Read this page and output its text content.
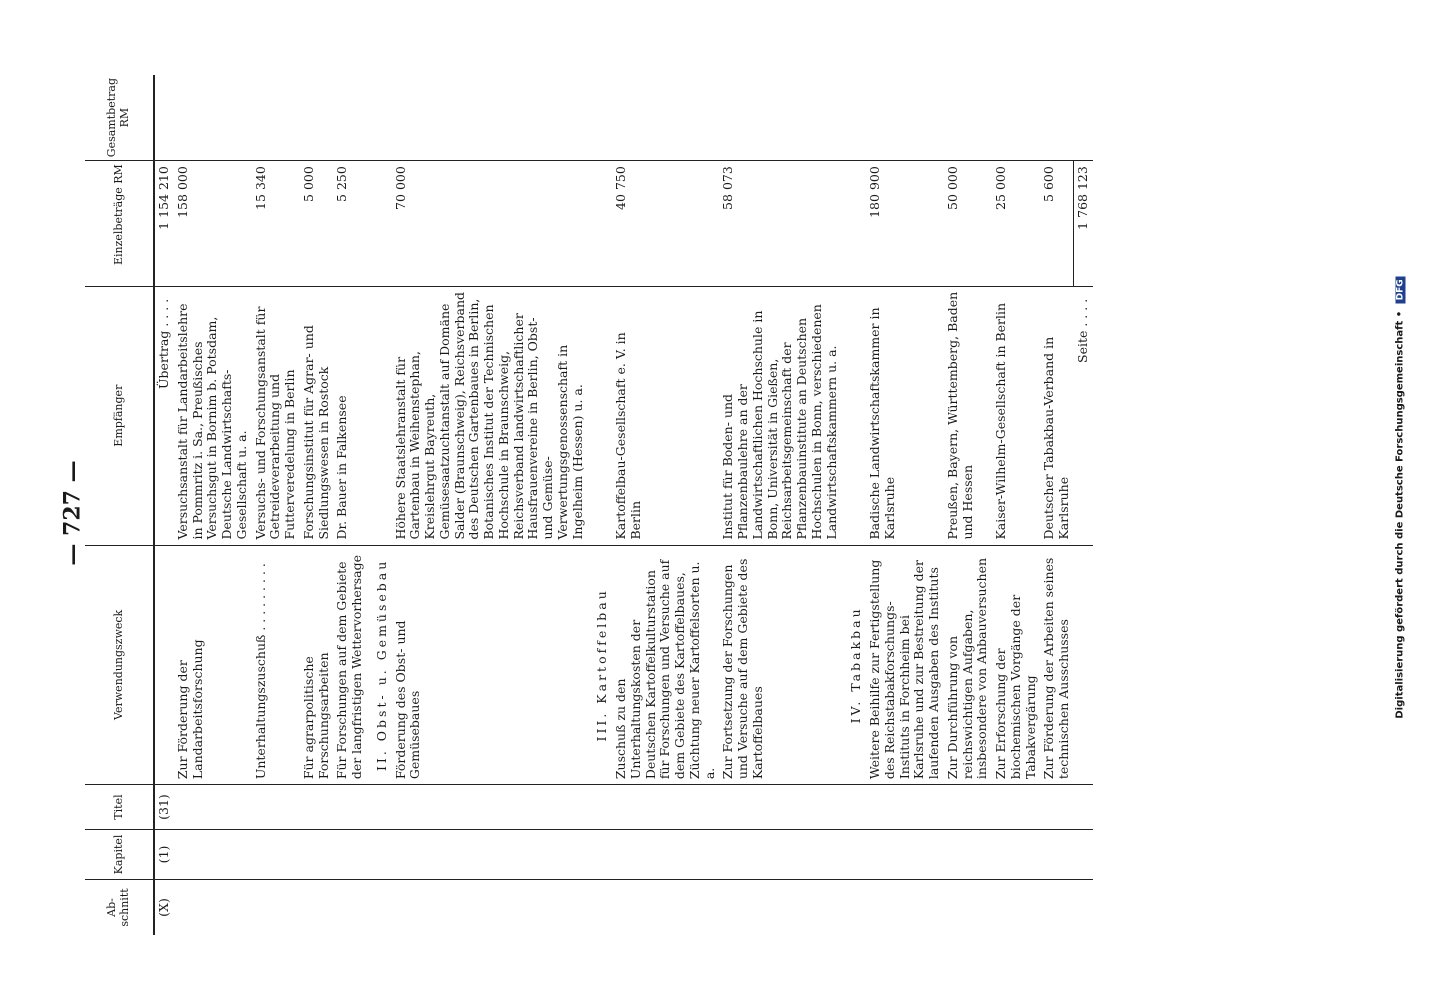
— 727 —
Ab-schnitt	Kapitel	Titel	Verwendungszweck	Empfänger	Einzelbeträge RM	Gesamtbetrag RM
(X)	(1)	(31)		Übertrag . . . .	1 154 210	
			Zur Förderung der Landarbeitsforschung	Versuchsanstalt für Landarbeitslehre in Pommritz i. Sa., Preußisches Versuchsgut in Bornim b. Potsdam, Deutsche Landwirtschafts-Gesellschaft u. a.	158 000	
			Unterhaltungszuschuß . . . . . . . . .	Versuchs- und Forschungsanstalt für Getreideverarbeitung und Futterveredelung in Berlin	15 340	
			Für agrarpolitische Forschungsarbeiten	Forschungsinstitut für Agrar- und Siedlungswesen in Rostock	5 000	
			Für Forschungen auf dem Gebiete der langfristigen Wettervorhersage	Dr. Bauer in Falkensee	5 250	
			II. Obst- u. Gemüsebau			
			Förderung des Obst- und Gemüsebaues	Höhere Staatslehranstalt für Gartenbau in Weihenstephan, Kreislehrgut Bayreuth, Gemüsesaatzuchtanstalt auf Domäne Salder (Braunschweig), Reichsverband des Deutschen Gartenbaues in Berlin, Botanisches Institut der Technischen Hochschule in Braunschweig, Reichsverband landwirtschaftlicher Hausfrauenvereine in Berlin, Obst- und Gemüse-Verwertungsgenossenschaft in Ingelheim (Hessen) u. a.	70 000	
			III. Kartoffelbau			
			Zuschuß zu den Unterhaltungskosten der Deutschen Kartoffelkulturstation für Forschungen und Versuche auf dem Gebiete des Kartoffelbaues, Züchtung neuer Kartoffelsorten u. a.	Kartoffelbau-Gesellschaft e. V. in Berlin	40 750	
			Zur Fortsetzung der Forschungen und Versuche auf dem Gebiete des Kartoffelbaues	Institut für Boden- und Pflanzenbaulehre an der Landwirtschaftlichen Hochschule in Bonn, Universität in Gießen, Reichsarbeitsgemeinschaft der Pflanzenbauinstitute an Deutschen Hochschulen in Bonn, verschiedenen Landwirtschaftskammern u. a.	58 073	
			IV. Tabakbau			
			Weitere Beihilfe zur Fertigstellung des Reichstabakforschungs-Instituts in Forchheim bei Karlsruhe und zur Bestreitung der laufenden Ausgaben des Instituts	Badische Landwirtschaftskammer in Karlsruhe	180 900	
			Zur Durchführung von reichswichtigen Aufgaben, insbesondere von Anbauversuchen	Preußen, Bayern, Württemberg, Baden und Hessen	50 000	
			Zur Erforschung der biochemischen Vorgänge der Tabakvergärung	Kaiser-Wilhelm-Gesellschaft in Berlin	25 000	
			Zur Förderung der Arbeiten seines technischen Ausschusses	Deutscher Tabakbau-Verband in Karlsruhe	5 600	
				Seite . . . .	1 768 123	
Digitalisierung gefördert durch die Deutsche Forschungsgemeinschaft • DFG
